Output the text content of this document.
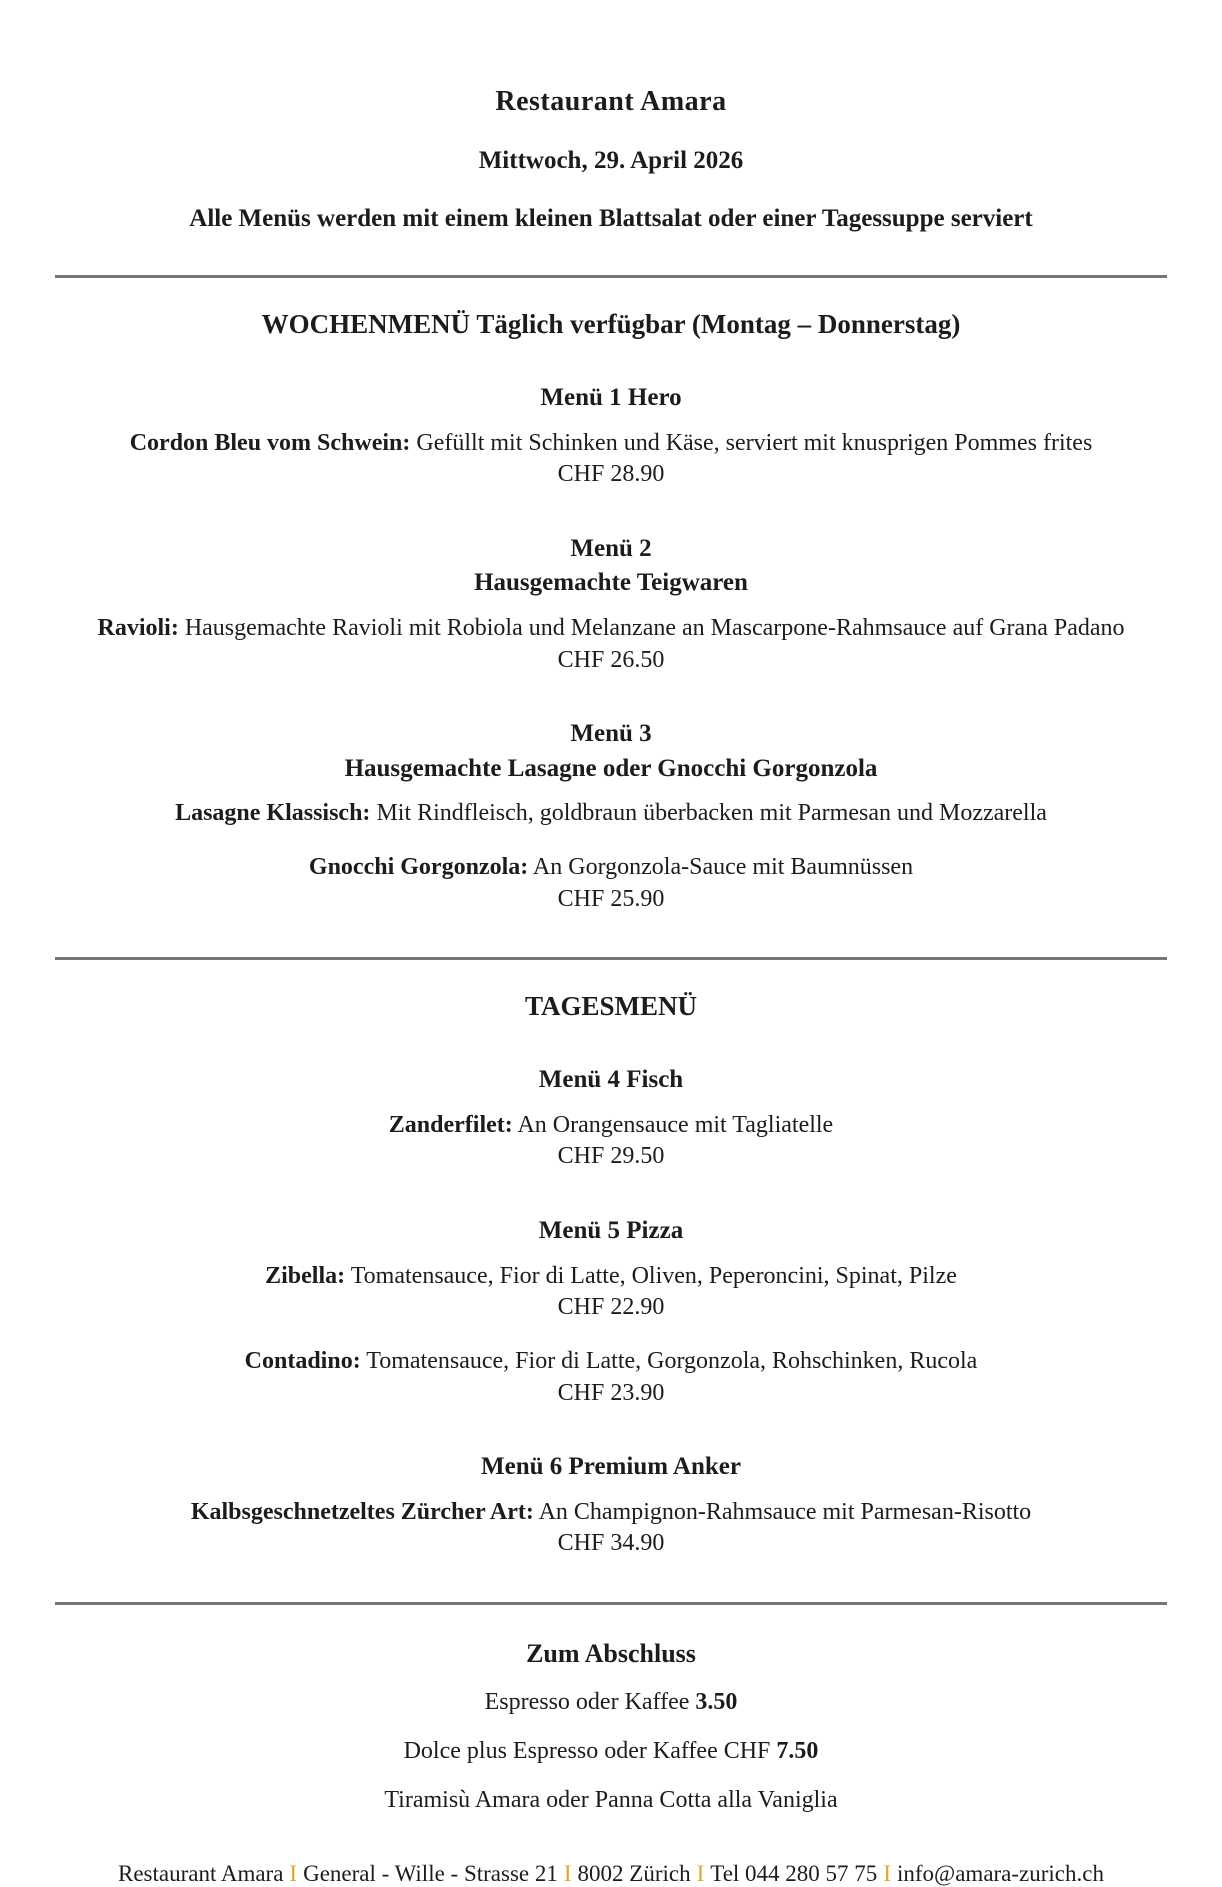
Restaurant Amara
Mittwoch, 29. April 2026
Alle Menüs werden mit einem kleinen Blattsalat oder einer Tagessuppe serviert
WOCHENMENÜ Täglich verfügbar (Montag – Donnerstag)
Menü 1 Hero

Cordon Bleu vom Schwein: Gefüllt mit Schinken und Käse, serviert mit knusprigen Pommes frites
CHF 28.90

Menü 2
Hausgemachte Teigwaren

Ravioli: Hausgemachte Ravioli mit Robiola und Melanzane an Mascarpone-Rahmsauce auf Grana Padano
CHF 26.50

Menü 3
Hausgemachte Lasagne oder Gnocchi Gorgonzola

Lasagne Klassisch: Mit Rindfleisch, goldbraun überbacken mit Parmesan und Mozzarella

Gnocchi Gorgonzola: An Gorgonzola-Sauce mit Baumnüssen
CHF 25.90

TAGESMENÜ
Menü 4 Fisch

Zanderfilet: An Orangensauce mit Tagliatelle
CHF 29.50

Menü 5 Pizza

Zibella: Tomatensauce, Fior di Latte, Oliven, Peperoncini, Spinat, Pilze
CHF 22.90

Contadino: Tomatensauce, Fior di Latte, Gorgonzola, Rohschinken, Rucola
CHF 23.90

Menü 6 Premium Anker

Kalbsgeschnetzeltes Zürcher Art: An Champignon-Rahmsauce mit Parmesan-Risotto
CHF 34.90

Zum Abschluss
Espresso oder Kaffee 3.50
Dolce plus Espresso oder Kaffee CHF 7.50
Tiramisù Amara oder Panna Cotta alla Vaniglia
Restaurant Amara I General - Wille - Strasse 21 I 8002 Zürich I Tel 044 280 57 75 I info@amara-zurich.ch
